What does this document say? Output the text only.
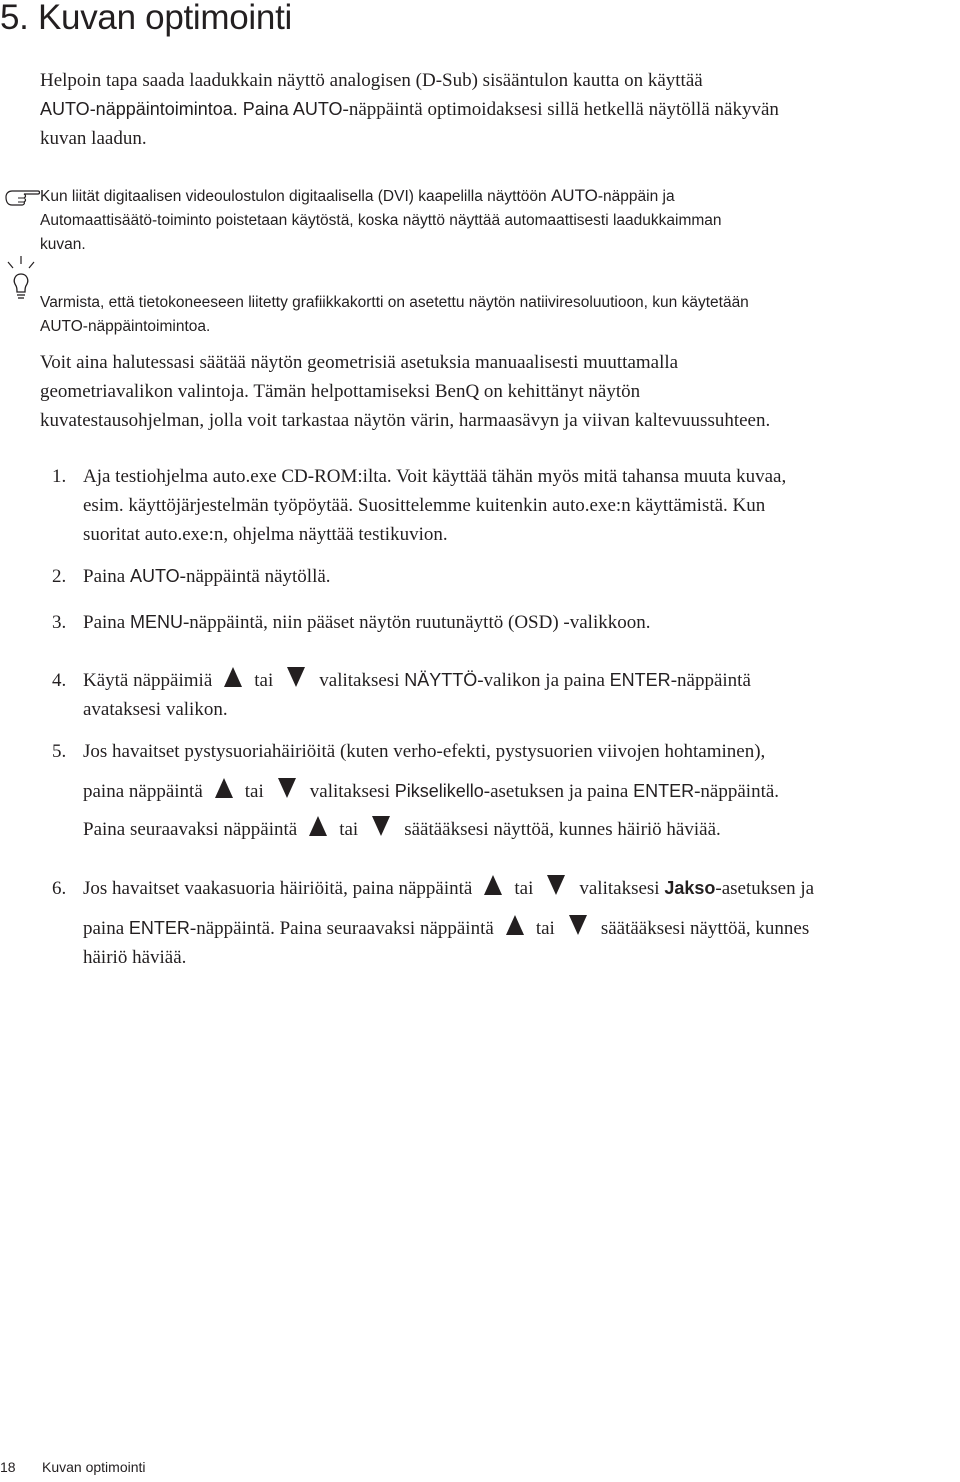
5. Kuvan optimointi
Helpoin tapa saada laadukkain näyttö analogisen (D-Sub) sisääntulon kautta on käyttää
AUTO-näppäintoimintoa. Paina AUTO-näppäintä optimoidaksesi sillä hetkellä näytöllä näkyvän
kuvan laadun.
Kun liität digitaalisen videoulostulon digitaalisella (DVI) kaapelilla näyttöön AUTO-näppäin ja
Automaattisäätö-toiminto poistetaan käytöstä, koska näyttö näyttää automaattisesti laadukkaimman
kuvan.
Varmista, että tietokoneeseen liitetty grafiikkakortti on asetettu näytön natiiviresoluutioon, kun käytetään
AUTO-näppäintoimintoa.
Voit aina halutessasi säätää näytön geometrisiä asetuksia manuaalisesti muuttamalla
geometriavalikon valintoja. Tämän helpottamiseksi BenQ on kehittänyt näytön
kuvatestausohjelman, jolla voit tarkastaa näytön värin, harmaasävyn ja viivan kaltevuussuhteen.
1. Aja testiohjelma auto.exe CD-ROM:ilta. Voit käyttää tähän myös mitä tahansa muuta kuvaa,
esim. käyttöjärjestelmän työpöytää. Suosittelemme kuitenkin auto.exe:n käyttämistä. Kun
suoritat auto.exe:n, ohjelma näyttää testikuvion.
2. Paina AUTO-näppäintä näytöllä.
3. Paina MENU-näppäintä, niin pääset näytön ruutunäyttö (OSD) -valikkoon.
4. Käytä näppäimiä tai valitaksesi NÄYTTÖ-valikon ja paina ENTER-näppäintä
avataksesi valikon.
5. Jos havaitset pystysuoriahäiriöitä (kuten verho-efekti, pystysuorien viivojen hohtaminen),
paina näppäintä tai valitaksesi Pikselikello-asetuksen ja paina ENTER-näppäintä.
Paina seuraavaksi näppäintä tai säätääksesi näyttöä, kunnes häiriö häviää.
6. Jos havaitset vaakasuoria häiriöitä, paina näppäintä tai valitaksesi Jakso-asetuksen ja
paina ENTER-näppäintä. Paina seuraavaksi näppäintä tai säätääksesi näyttöä, kunnes
häiriö häviää.
18 Kuvan optimointi
